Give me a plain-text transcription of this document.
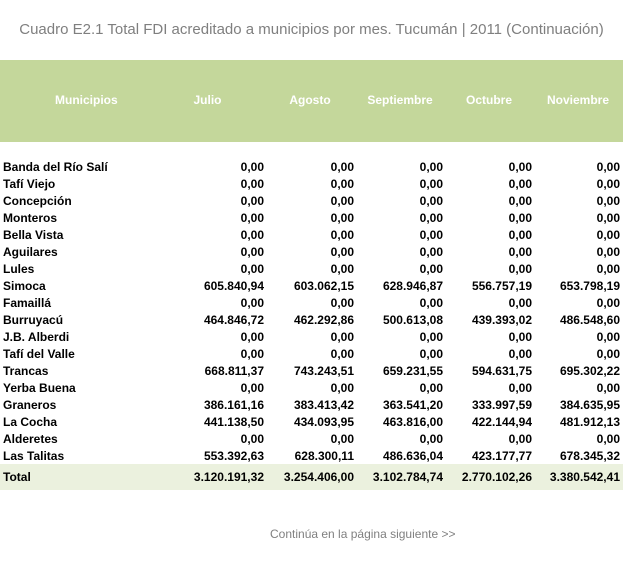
Cuadro E2.1 Total FDI acreditado a municipios por mes. Tucumán | 2011 (Continuación)
Municipios	Julio	Agosto	Septiembre	Octubre	Noviembre
Banda del Río Salí	0,00	0,00	0,00	0,00	0,00
Tafí Viejo	0,00	0,00	0,00	0,00	0,00
Concepción	0,00	0,00	0,00	0,00	0,00
Monteros	0,00	0,00	0,00	0,00	0,00
Bella Vista	0,00	0,00	0,00	0,00	0,00
Aguilares	0,00	0,00	0,00	0,00	0,00
Lules	0,00	0,00	0,00	0,00	0,00
Simoca	605.840,94 603.062,15 628.946,87 556.757,19 653.798,19
Famaillá	0,00	0,00	0,00	0,00	0,00
Burruyacú	464.846,72 462.292,86 500.613,08 439.393,02 486.548,60
J.B. Alberdi	0,00	0,00	0,00	0,00	0,00
Tafí del Valle	0,00	0,00	0,00	0,00	0,00
Trancas	668.811,37 743.243,51 659.231,55 594.631,75 695.302,22
Yerba Buena	0,00	0,00	0,00	0,00	0,00
Graneros	386.161,16 383.413,42 363.541,20 333.997,59 384.635,95
La Cocha	441.138,50 434.093,95 463.816,00 422.144,94 481.912,13
Alderetes	0,00	0,00	0,00	0,00	0,00
Las Talitas	553.392,63	628.300,11 486.636,04 423.177,77 678.345,32
Total	3.120.191,32 3.254.406,00 3.102.784,74 2.770.102,26 3.380.542,41
Continúa en la página siguiente >>
